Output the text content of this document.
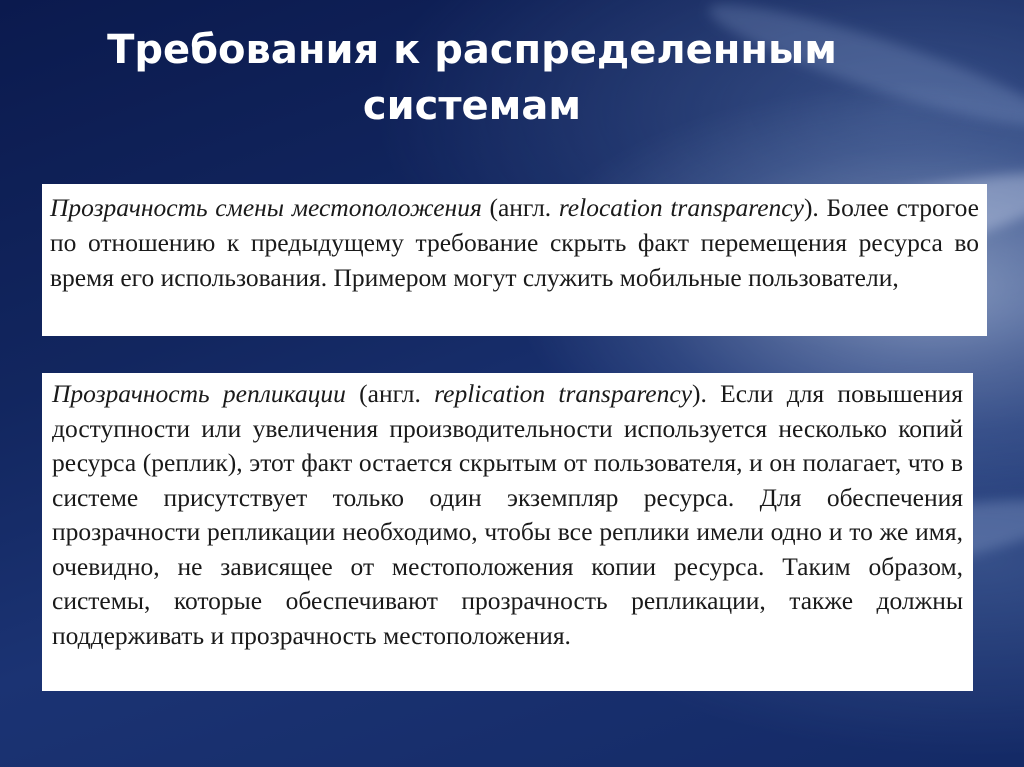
Требования к распределенным
системам
Прозрачность смены местоположения (англ. relocation transparency). Более строгое по отношению к предыдущему требование скрыть факт перемещения ресурса во время его использования. Примером могут служить мобильные пользователи,
Прозрачность репликации (англ. replication transparency). Если для повышения доступности или увеличения производительности используется несколько копий ресурса (реплик), этот факт остается скрытым от пользователя, и он полагает, что в системе присутствует только один экземпляр ресурса. Для обеспечения прозрачности репликации необходимо, чтобы все реплики имели одно и то же имя, очевидно, не зависящее от местоположения копии ресурса. Таким образом, системы, которые обеспечивают прозрачность репликации, также должны поддерживать и прозрачность местоположения.
